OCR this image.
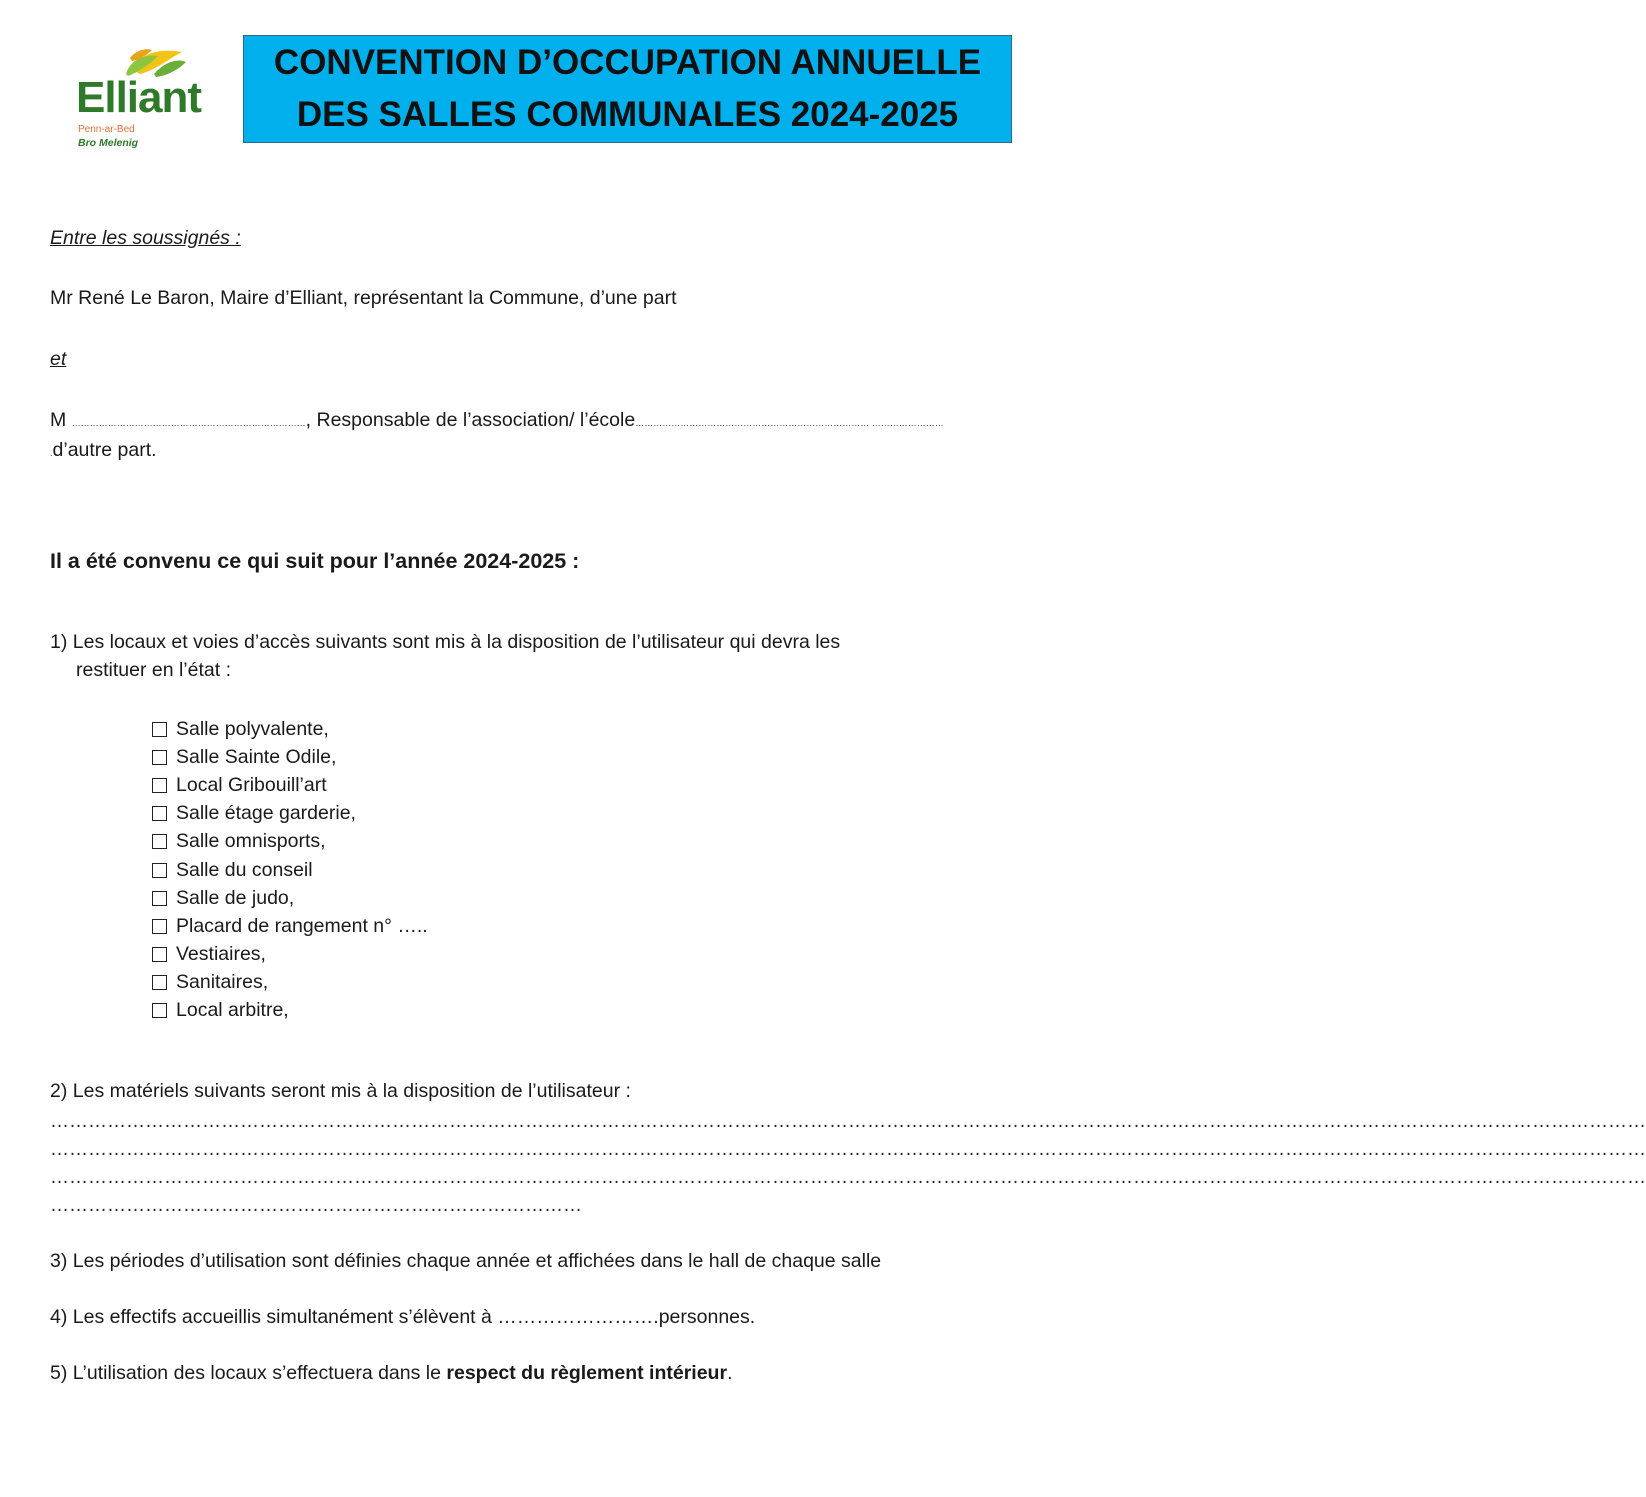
Elliant
Penn-ar-Bed
Bro Melenig
CONVENTION D’OCCUPATION ANNUELLE
DES SALLES COMMUNALES 2024-2025
Entre les soussignés :
Mr René Le Baron, Maire d’Elliant, représentant la Commune, d’une part
et
M ……………………………………………………………………, Responsable de l’association/ l’école…………………………………………………………………… ……………………
.d’autre part.
Il a été convenu ce qui suit pour l’année 2024-2025 :
1) Les locaux et voies d’accès suivants sont mis à la disposition de l’utilisateur qui devra les
restituer en l’état :
Salle polyvalente,
Salle Sainte Odile,
Local Gribouill’art
Salle étage garderie,
Salle omnisports,
Salle du conseil
Salle de judo,
Placard de rangement n° …..
Vestiaires,
Sanitaires,
Local arbitre,
2) Les matériels suivants seront mis à la disposition de l’utilisateur :
………………………………………………………………………………………………………………………………………………………………………………………………………………………………
………………………………………………………………………………………………………………………………………………………………………………………………………………………………
………………………………………………………………………………………………………………………………………………………………………………………………………………………………
…………………………………………………………………………
3) Les périodes d’utilisation sont définies chaque année et affichées dans le hall de chaque salle
4) Les effectifs accueillis simultanément s’élèvent à …………………….personnes.
5) L’utilisation des locaux s’effectuera dans le respect du règlement intérieur.
